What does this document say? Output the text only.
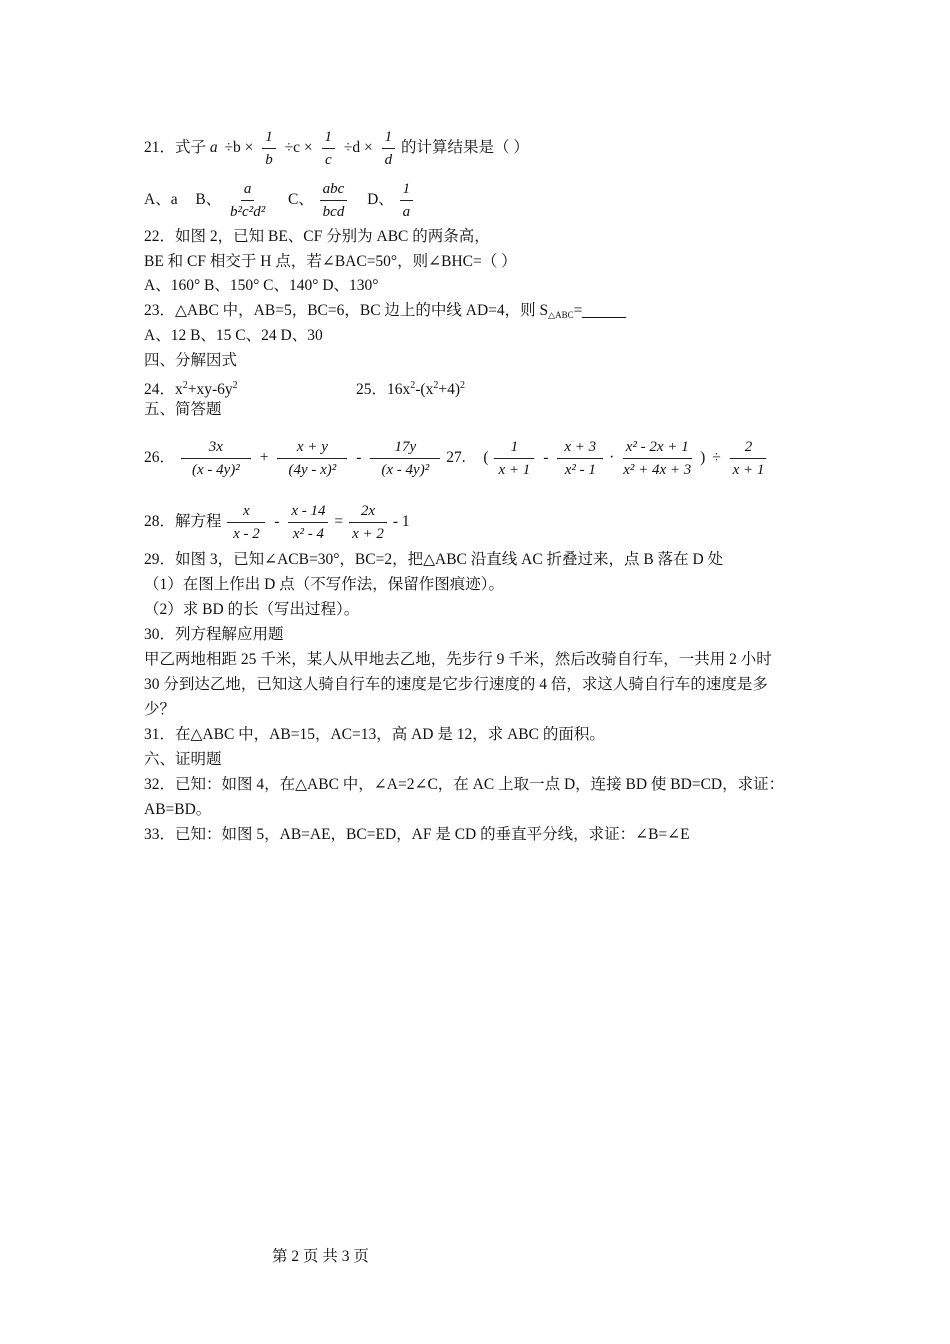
21．式子 $a \div b \times \frac{1}{b} \div c \times \frac{1}{c} \div d \times \frac{1}{d}$ 的计算结果是（ ）
A、a B、 $\frac{a}{\text{b²c²d²}}$ C、 $\frac{\text{abc}}{\text{bcd}}$ D、 $\frac{1}{a}$
22．如图 2，已知 BE、CF 分别为 ABC 的两条高，
BE 和 CF 相交于 H 点，若∠BAC=50°，则∠BHC=（ ）
A、160° B、150° C、140° D、130°
23．△ABC 中，AB=5，BC=6，BC 边上的中线 AD=4，则 $S_{\triangle ABC}=$
A、12 B、15 C、24 D、30
四、分解因式
24．$x^2+xy-6y^2$	25．$16x^2-(x^2+4)^2$
五、简答题
26． $\frac{3x}{\text{(x - 4y)²}} + \frac{x + y}{\text{(4y - x)²}} - \frac{17y}{\text{(x - 4y)²}} 27$. ( $\frac{1}{x + 1} - \frac{x + 3}{\text{x² - 1}} \cdot \frac{\text{x² - 2x + 1}}{\text{x² + 4x + 3}}$ ) ÷ $\frac{2}{x + 1}$
28．解方程 $\frac{x}{x - 2} - \frac{x - 14}{\text{x² - 4}} = \frac{2x}{x + 2} - 1$
29．如图 3，已知∠ACB=30°，BC=2，把△ABC 沿直线 AC 折叠过来，点 B 落在 D 处
（1）在图上作出 D 点（不写作法，保留作图痕迹）。
（2）求 BD 的长（写出过程）。
30．列方程解应用题
甲乙两地相距 25 千米，某人从甲地去乙地，先步行 9 千米，然后改骑自行车，一共用 2 小时
30 分到达乙地，已知这人骑自行车的速度是它步行速度的 4 倍，求这人骑自行车的速度是多
少？
31．在△ABC 中，AB=15，AC=13，高 AD 是 12，求 ABC 的面积。
六、证明题
32．已知：如图 4，在△ABC 中，∠A=2∠C，在 AC 上取一点 D，连接 BD 使 BD=CD，求证：
AB=BD。
33．已知：如图 5，AB=AE，BC=ED，AF 是 CD 的垂直平分线，求证：∠B=∠E
第 2 页 共 3 页
